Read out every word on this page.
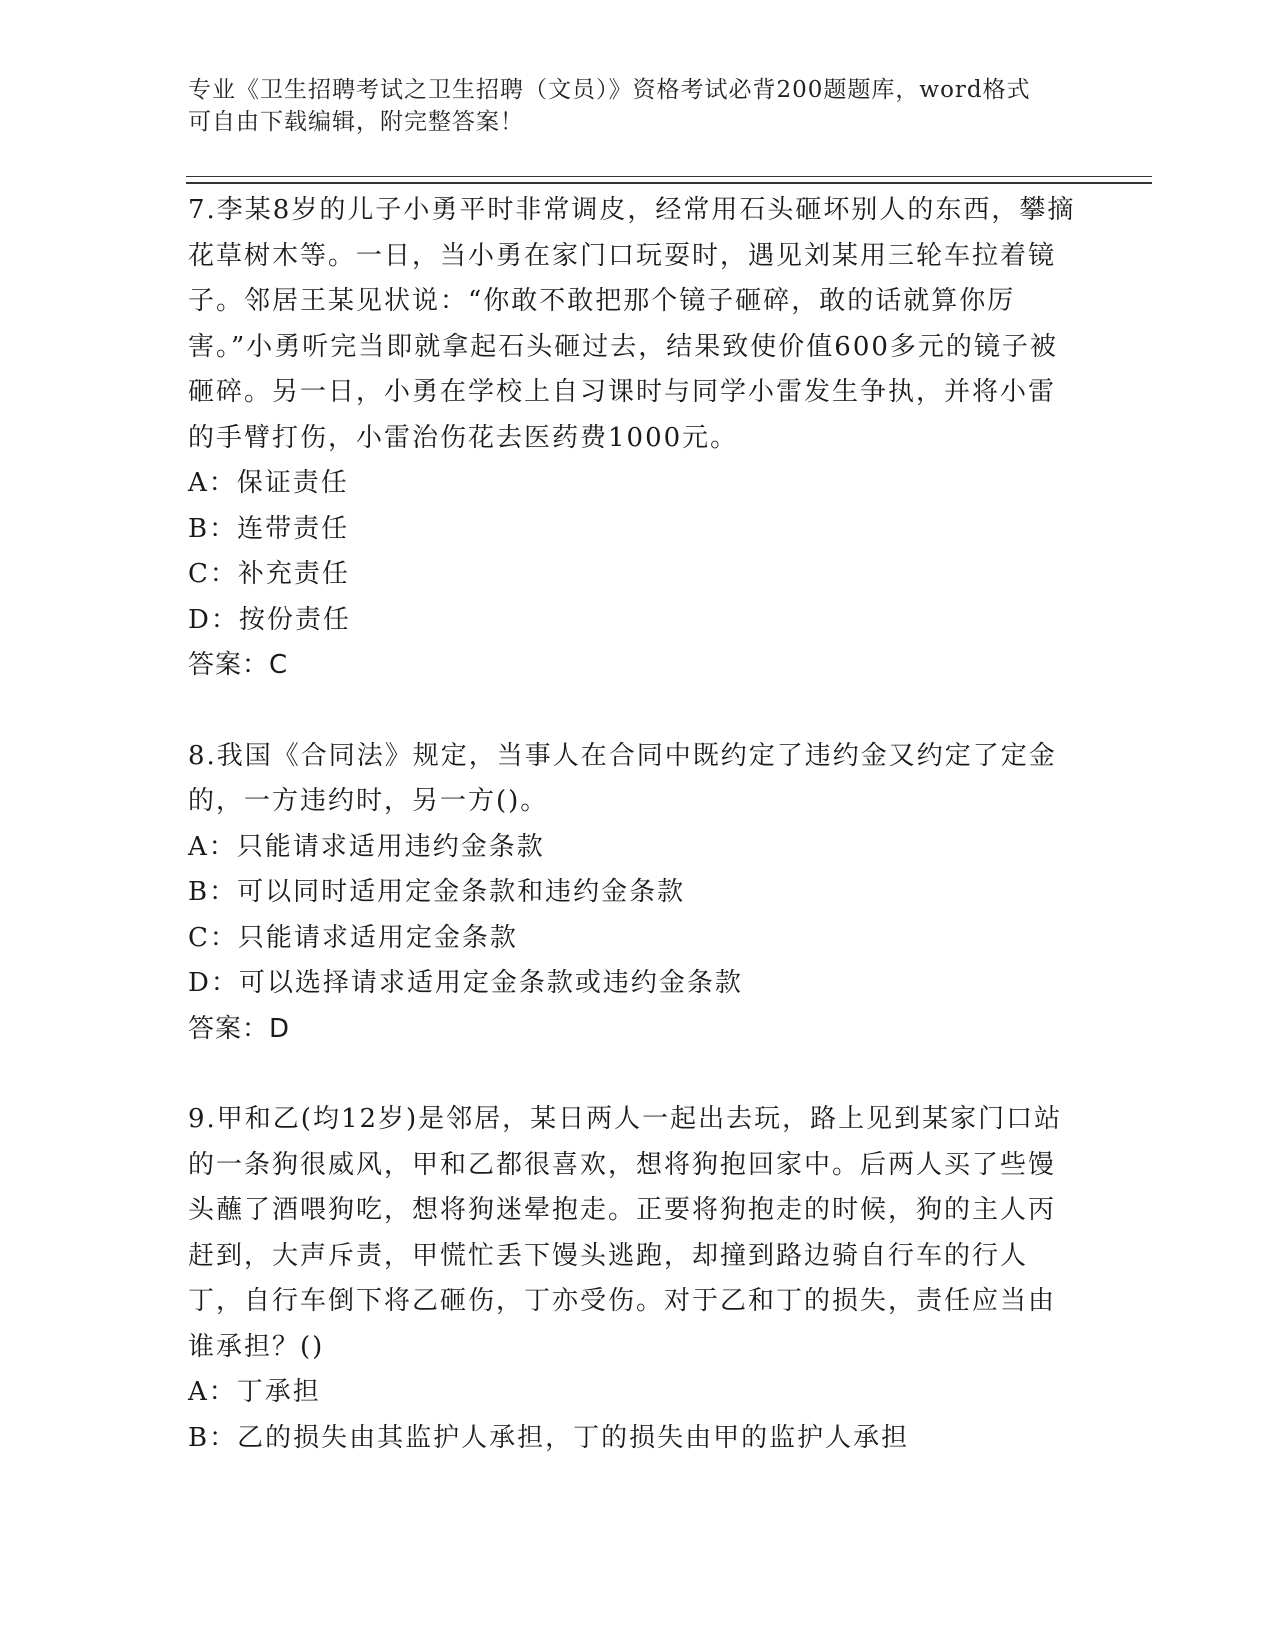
专业《卫生招聘考试之卫生招聘（文员）》资格考试必背200题题库，word格式
可自由下载编辑，附完整答案！

7.李某8岁的儿子小勇平时非常调皮，经常用石头砸坏别人的东西，攀摘花草树木等。一日，当小勇在家门口玩耍时，遇见刘某用三轮车拉着镜子。邻居王某见状说：“你敢不敢把那个镜子砸碎，敢的话就算你厉害。”小勇听完当即就拿起石头砸过去，结果致使价值600多元的镜子被砸碎。另一日，小勇在学校上自习课时与同学小雷发生争执，并将小雷的手臂打伤，小雷治伤花去医药费1000元。

A：保证责任

B：连带责任

C：补充责任

D：按份责任

答案：C

8.我国《合同法》规定，当事人在合同中既约定了违约金又约定了定金的，一方违约时，另一方()。

A：只能请求适用违约金条款

B：可以同时适用定金条款和违约金条款

C：只能请求适用定金条款

D：可以选择请求适用定金条款或违约金条款

答案：D

9.甲和乙(均12岁)是邻居，某日两人一起出去玩，路上见到某家门口站的一条狗很威风，甲和乙都很喜欢，想将狗抱回家中。后两人买了些馒头蘸了酒喂狗吃，想将狗迷晕抱走。正要将狗抱走的时候，狗的主人丙赶到，大声斥责，甲慌忙丢下馒头逃跑，却撞到路边骑自行车的行人丁，自行车倒下将乙砸伤，丁亦受伤。对于乙和丁的损失，责任应当由谁承担？()

A：丁承担

B：乙的损失由其监护人承担，丁的损失由甲的监护人承担
